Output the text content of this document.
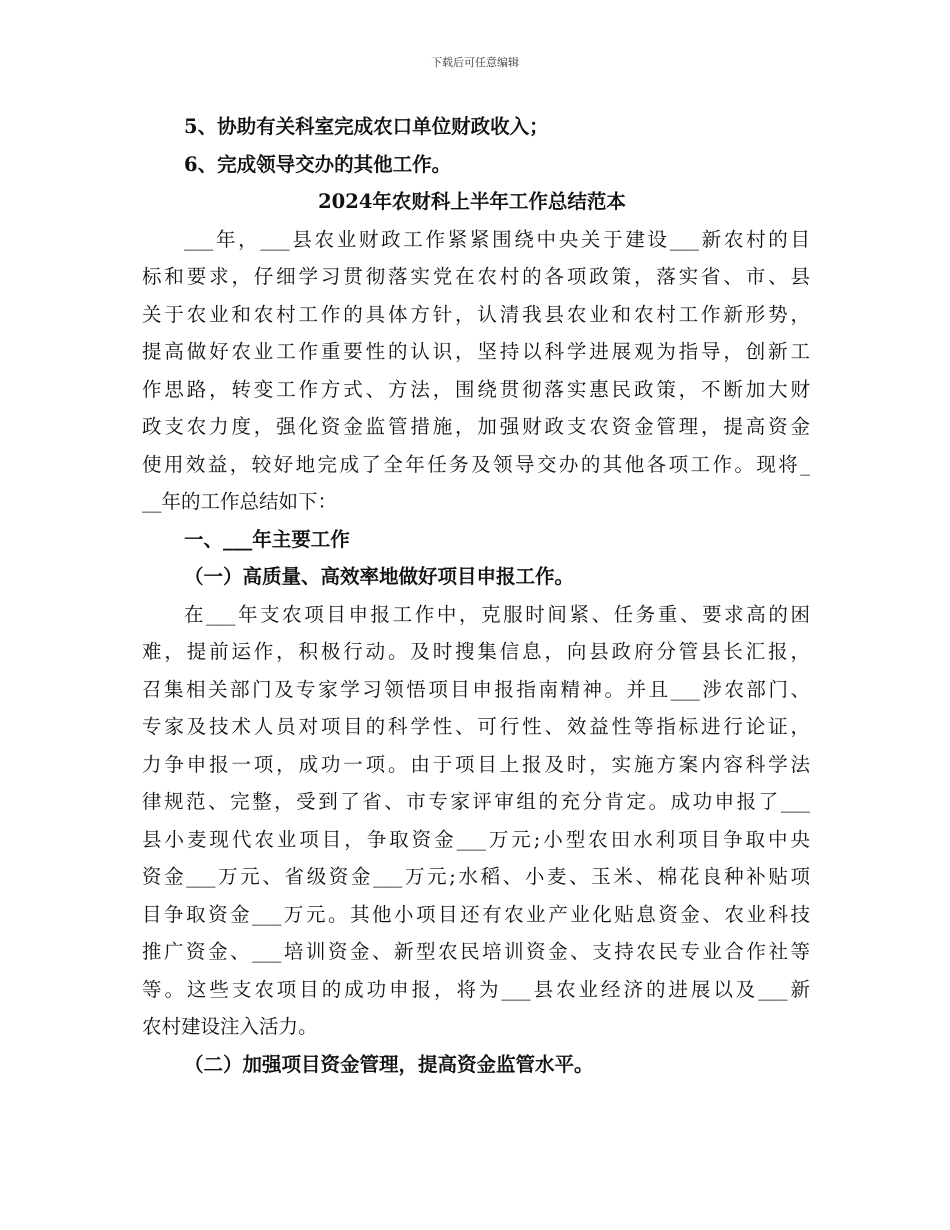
下载后可任意编辑
5、协助有关科室完成农口单位财政收入；
6、完成领导交办的其他工作。
2024年农财科上半年工作总结范本
___年，___县农业财政工作紧紧围绕中央关于建设___新农村的目
标和要求，仔细学习贯彻落实党在农村的各项政策，落实省、市、县
关于农业和农村工作的具体方针，认清我县农业和农村工作新形势，
提高做好农业工作重要性的认识，坚持以科学进展观为指导，创新工
作思路，转变工作方式、方法，围绕贯彻落实惠民政策，不断加大财
政支农力度，强化资金监管措施，加强财政支农资金管理，提高资金
使用效益，较好地完成了全年任务及领导交办的其他各项工作。现将_
__年的工作总结如下：
一、___年主要工作
（一）高质量、高效率地做好项目申报工作。
在___年支农项目申报工作中，克服时间紧、任务重、要求高的困
难，提前运作，积极行动。及时搜集信息，向县政府分管县长汇报，
召集相关部门及专家学习领悟项目申报指南精神。并且___涉农部门、
专家及技术人员对项目的科学性、可行性、效益性等指标进行论证，
力争申报一项，成功一项。由于项目上报及时，实施方案内容科学法
律规范、完整，受到了省、市专家评审组的充分肯定。成功申报了___
县小麦现代农业项目，争取资金___万元;小型农田水利项目争取中央
资金___万元、省级资金___万元;水稻、小麦、玉米、棉花良种补贴项
目争取资金___万元。其他小项目还有农业产业化贴息资金、农业科技
推广资金、___培训资金、新型农民培训资金、支持农民专业合作社等
等。这些支农项目的成功申报，将为___县农业经济的进展以及___新
农村建设注入活力。
（二）加强项目资金管理，提高资金监管水平。
